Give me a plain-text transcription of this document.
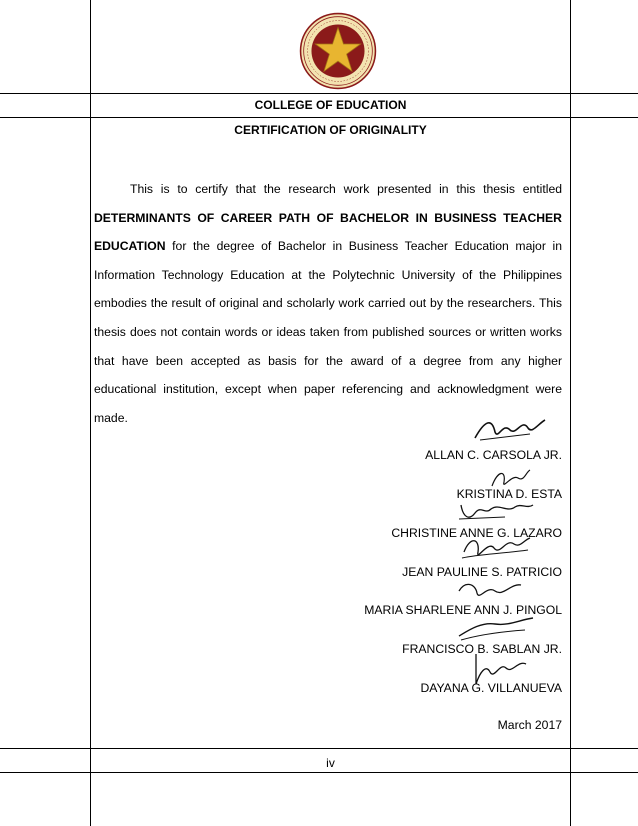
COLLEGE OF EDUCATION
CERTIFICATION OF ORIGINALITY

This is to certify that the research work presented in this thesis entitled DETERMINANTS OF CAREER PATH OF BACHELOR IN BUSINESS TEACHER EDUCATION for the degree of Bachelor in Business Teacher Education major in Information Technology Education at the Polytechnic University of the Philippines embodies the result of original and scholarly work carried out by the researchers. This thesis does not contain words or ideas taken from published sources or written works that have been accepted as basis for the award of a degree from any higher educational institution, except when paper referencing and acknowledgment were made.

ALLAN C. CARSOLA JR.
KRISTINA D. ESTA
CHRISTINE ANNE G. LAZARO
JEAN PAULINE S. PATRICIO
MARIA SHARLENE ANN J. PINGOL
FRANCISCO B. SABLAN JR.
DAYANA G. VILLANUEVA
March 2017
iv
